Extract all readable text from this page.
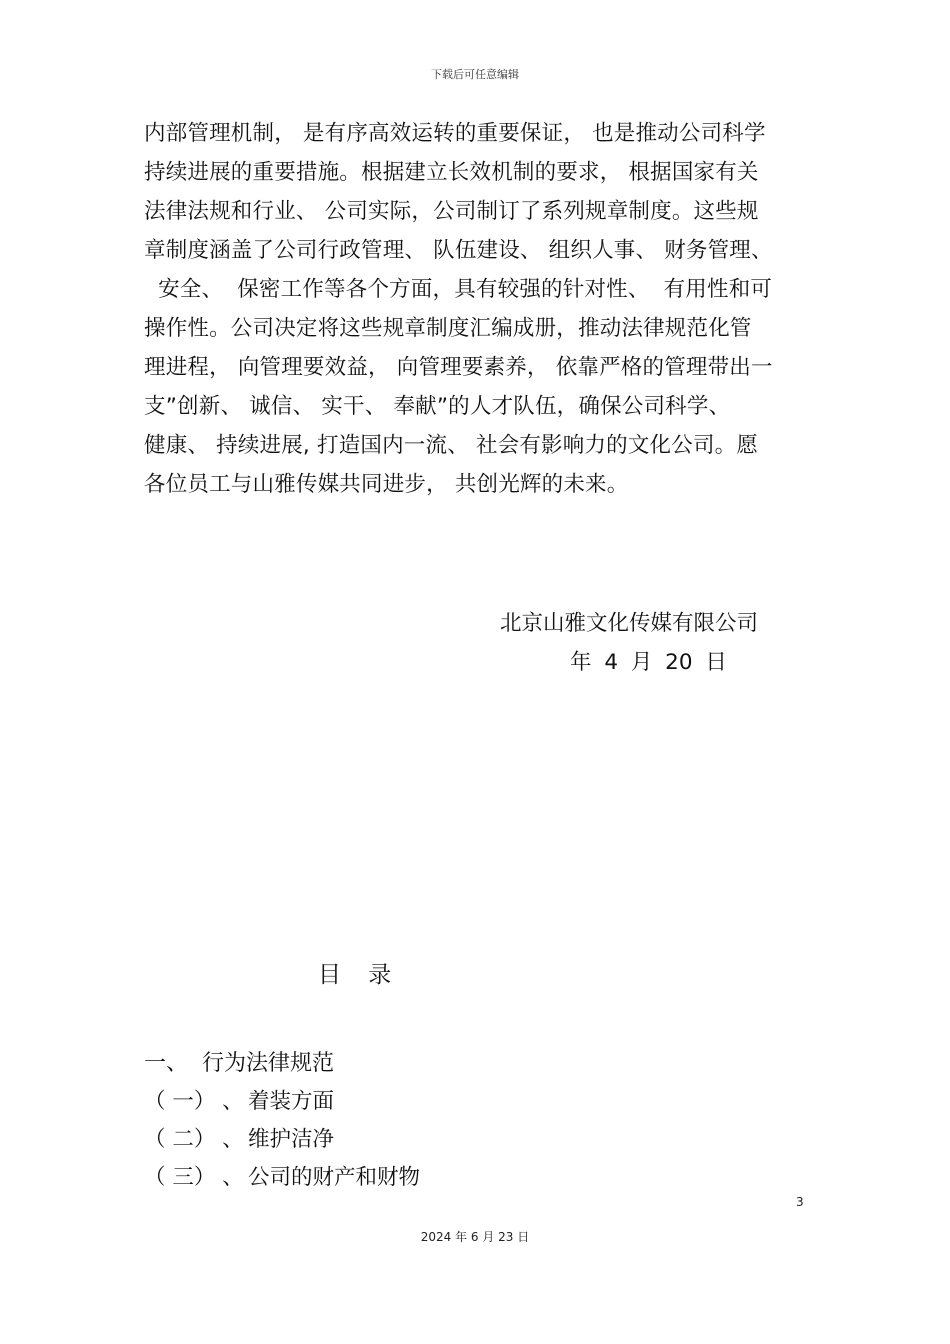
下载后可任意编辑
内部管理机制， 是有序高效运转的重要保证， 也是推动公司科学
持续进展的重要措施。根据建立长效机制的要求， 根据国家有关
法律法规和行业、 公司实际，公司制订了系列规章制度。这些规
章制度涵盖了公司行政管理、 队伍建设、 组织人事、 财务管理、
安全、  保密工作等各个方面，具有较强的针对性、  有用性和可
操作性。公司决定将这些规章制度汇编成册，推动法律规范化管
理进程， 向管理要效益， 向管理要素养， 依靠严格的管理带出一
支”创新、 诚信、 实干、 奉献”的人才队伍，确保公司科学、
健康、 持续进展, 打造国内一流、 社会有影响力的文化公司。愿
各位员工与山雅传媒共同进步， 共创光辉的未来。
北京山雅文化传媒有限公司
年 4 月 20 日
目 录
一、 行为法律规范
（ 一） 、 着装方面
（ 二） 、 维护洁净
（ 三） 、 公司的财产和财物
3
2024 年 6 月 23 日
